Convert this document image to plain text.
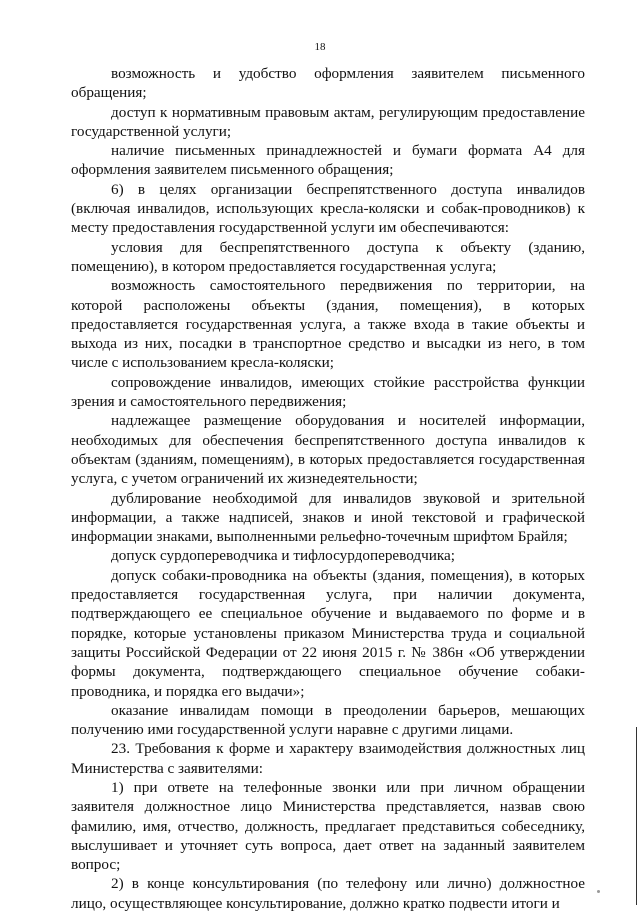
18

возможность и удобство оформления заявителем письменного обращения;

доступ к нормативным правовым актам, регулирующим предоставление государственной услуги;

наличие письменных принадлежностей и бумаги формата А4 для оформления заявителем письменного обращения;

6) в целях организации беспрепятственного доступа инвалидов (включая инвалидов, использующих кресла-коляски и собак-проводников) к месту предоставления государственной услуги им обеспечиваются:

условия для беспрепятственного доступа к объекту (зданию, помещению), в котором предоставляется государственная услуга;

возможность самостоятельного передвижения по территории, на которой расположены объекты (здания, помещения), в которых предоставляется государственная услуга, а также входа в такие объекты и выхода из них, посадки в транспортное средство и высадки из него, в том числе с использованием кресла-коляски;

сопровождение инвалидов, имеющих стойкие расстройства функции зрения и самостоятельного передвижения;

надлежащее размещение оборудования и носителей информации, необходимых для обеспечения беспрепятственного доступа инвалидов к объектам (зданиям, помещениям), в которых предоставляется государственная услуга, с учетом ограничений их жизнедеятельности;

дублирование необходимой для инвалидов звуковой и зрительной информации, а также надписей, знаков и иной текстовой и графической информации знаками, выполненными рельефно-точечным шрифтом Брайля;

допуск сурдопереводчика и тифлосурдопереводчика;

допуск собаки-проводника на объекты (здания, помещения), в которых предоставляется государственная услуга, при наличии документа, подтверждающего ее специальное обучение и выдаваемого по форме и в порядке, которые установлены приказом Министерства труда и социальной защиты Российской Федерации от 22 июня 2015 г. № 386н «Об утверждении формы документа, подтверждающего специальное обучение собаки-проводника, и порядка его выдачи»;

оказание инвалидам помощи в преодолении барьеров, мешающих получению ими государственной услуги наравне с другими лицами.

23. Требования к форме и характеру взаимодействия должностных лиц Министерства с заявителями:

1) при ответе на телефонные звонки или при личном обращении заявителя должностное лицо Министерства представляется, назвав свою фамилию, имя, отчество, должность, предлагает представиться собеседнику, выслушивает и уточняет суть вопроса, дает ответ на заданный заявителем вопрос;

2) в конце консультирования (по телефону или лично) должностное лицо, осуществляющее консультирование, должно кратко подвести итоги и
